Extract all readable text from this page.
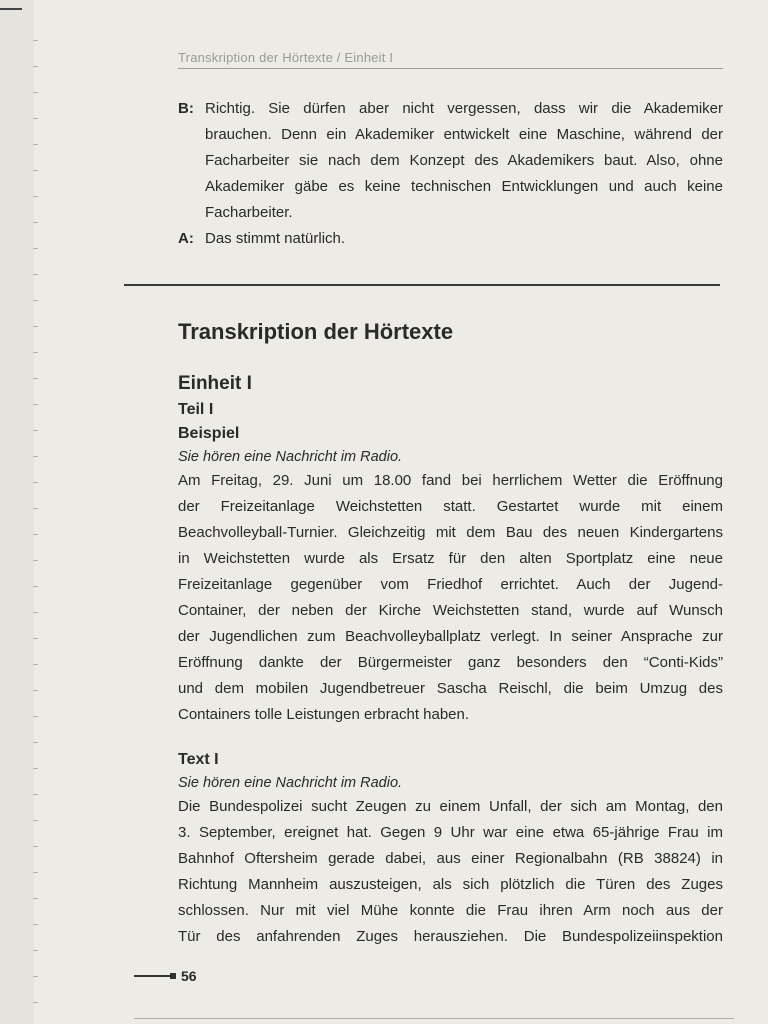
Transkription der Hörtexte / Einheit I
B: Richtig. Sie dürfen aber nicht vergessen, dass wir die Akademiker
brauchen. Denn ein Akademiker entwickelt eine Maschine, während der
Facharbeiter sie nach dem Konzept des Akademikers baut. Also, ohne
Akademiker gäbe es keine technischen Entwicklungen und auch keine
Facharbeiter.
A: Das stimmt natürlich.
Transkription der Hörtexte
Einheit I
Teil I
Beispiel
Sie hören eine Nachricht im Radio.
Am Freitag, 29. Juni um 18.00 fand bei herrlichem Wetter die Eröffnung
der Freizeitanlage Weichstetten statt. Gestartet wurde mit einem
Beachvolleyball-Turnier. Gleichzeitig mit dem Bau des neuen Kindergartens
in Weichstetten wurde als Ersatz für den alten Sportplatz eine neue
Freizeitanlage gegenüber vom Friedhof errichtet. Auch der Jugend-
Container, der neben der Kirche Weichstetten stand, wurde auf Wunsch
der Jugendlichen zum Beachvolleyballplatz verlegt. In seiner Ansprache zur
Eröffnung dankte der Bürgermeister ganz besonders den “Conti-Kids”
und dem mobilen Jugendbetreuer Sascha Reischl, die beim Umzug des
Containers tolle Leistungen erbracht haben.
Text I
Sie hören eine Nachricht im Radio.
Die Bundespolizei sucht Zeugen zu einem Unfall, der sich am Montag, den
3. September, ereignet hat. Gegen 9 Uhr war eine etwa 65-jährige Frau im
Bahnhof Oftersheim gerade dabei, aus einer Regionalbahn (RB 38824) in
Richtung Mannheim auszusteigen, als sich plötzlich die Türen des Zuges
schlossen. Nur mit viel Mühe konnte die Frau ihren Arm noch aus der
Tür des anfahrenden Zuges herausziehen. Die Bundespolizeiinspektion
56
